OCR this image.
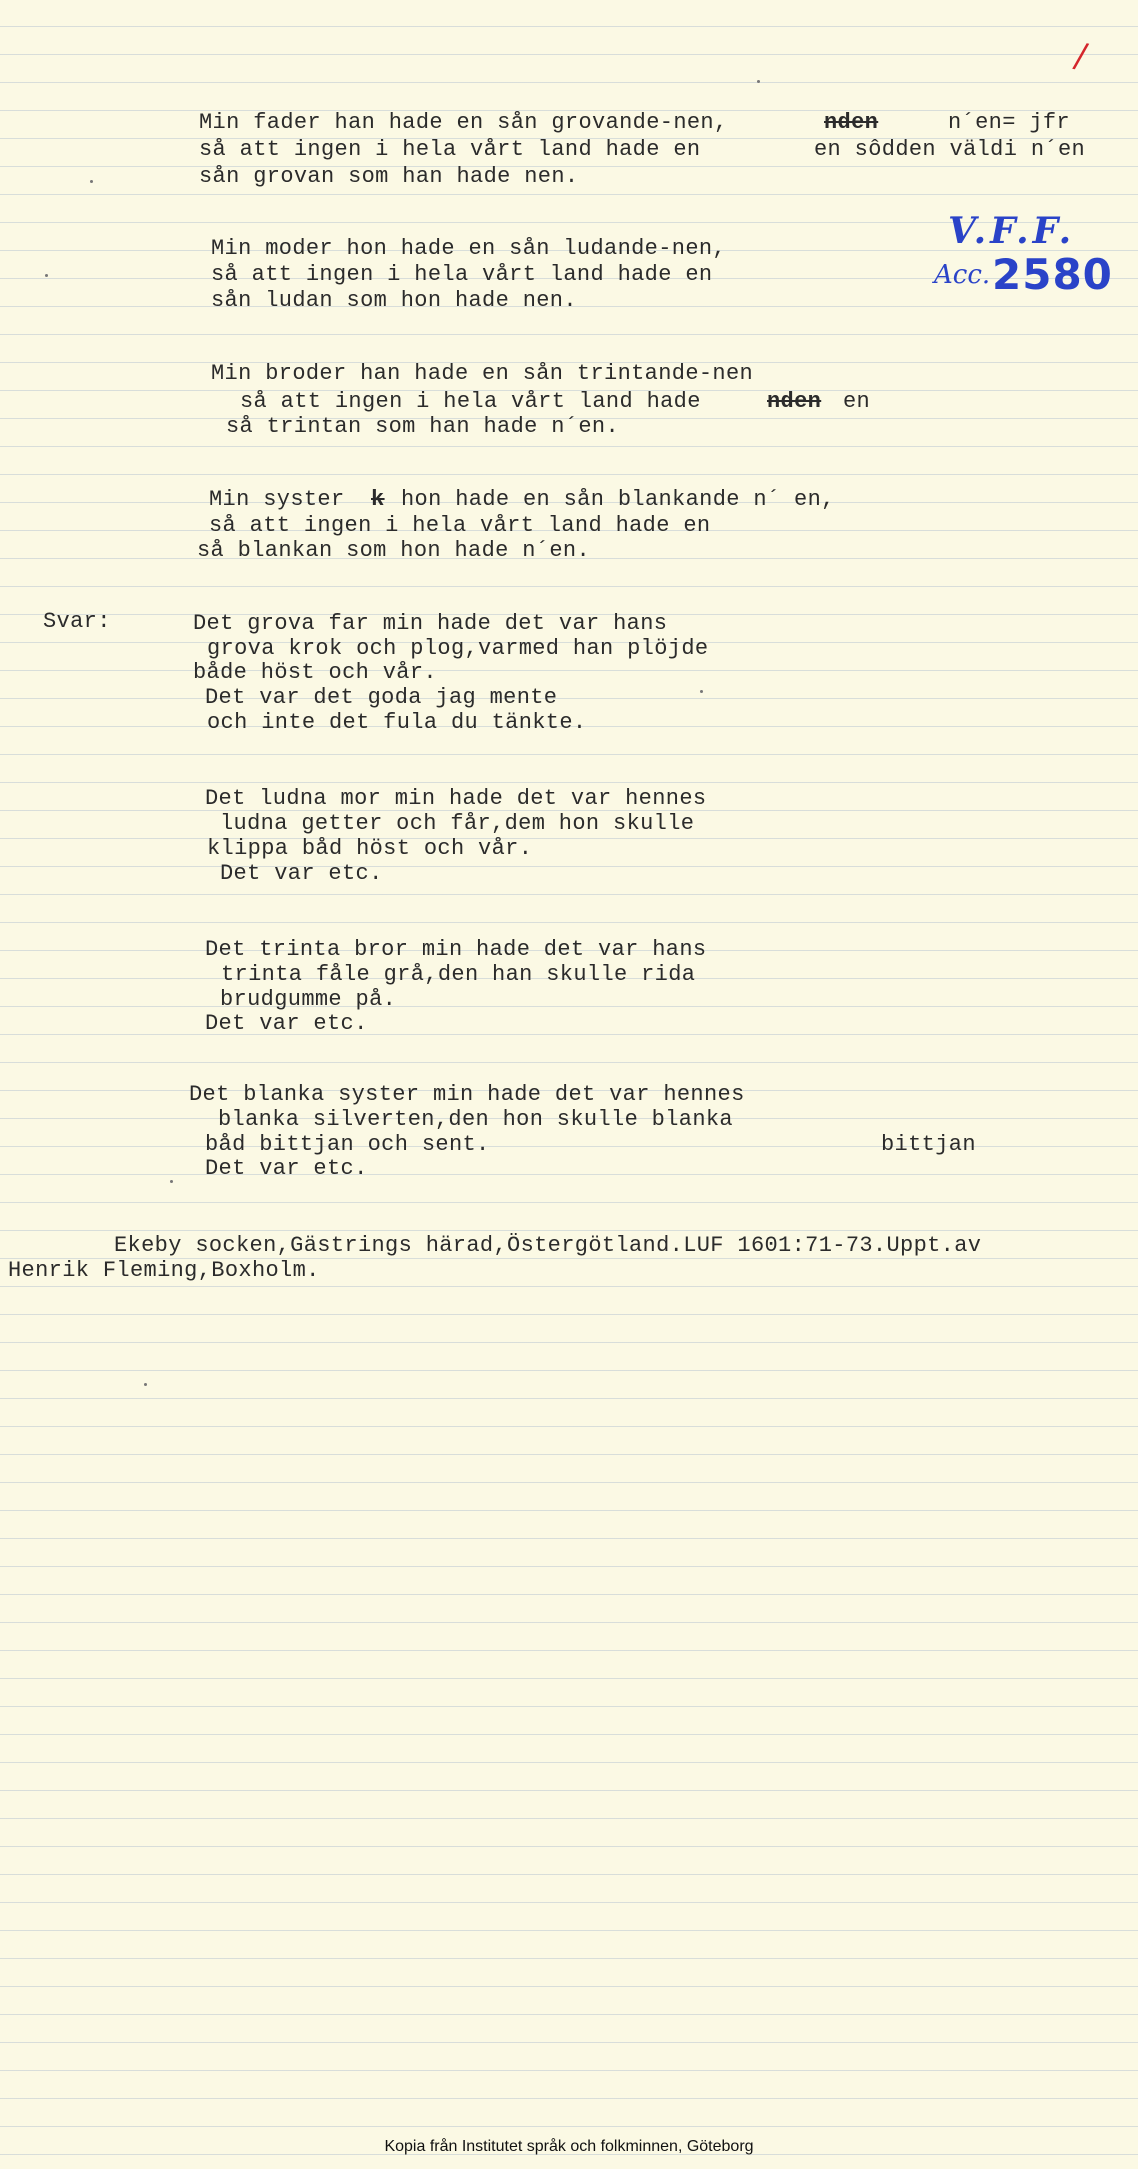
/
V.F.F.
Acc. 2580
Min fader han hade en sån grovande-nen,
så att ingen i hela vårt land hade en
sån grovan som han hade nen.
nden	n´en= jfr
en sôdden väldi n´en
Min moder hon hade en sån ludande-nen,
så att ingen i hela vårt land hade en
sån ludan som hon hade nen.
Min broder han hade en sån trintande-nen
så att ingen i hela vårt land hade	nden en
så trintan som han hade n´en.
Min syster k hon hade en sån blankande n´ en,
så att ingen i hela vårt land hade en
så blankan som hon hade n´en.
Svar:	Det grova far min hade det var hans
grova krok och plog,varmed han plöjde
både höst och vår.
Det var det goda jag mente
och inte det fula du tänkte.
Det ludna mor min hade det var hennes
ludna getter och får,dem hon skulle
klippa båd höst och vår.
Det var etc.
Det trinta bror min hade det var hans
trinta fåle grå,den han skulle rida
brudgumme på.
Det var etc.
Det blanka syster min hade det var hennes
blanka silverten,den hon skulle blanka
båd bittjan och sent.	bittjan
Det var etc.
Ekeby socken,Gästrings härad,Östergötland.LUF 1601:71-73.Uppt.av
Henrik Fleming,Boxholm.
Kopia från Institutet språk och folkminnen, Göteborg
